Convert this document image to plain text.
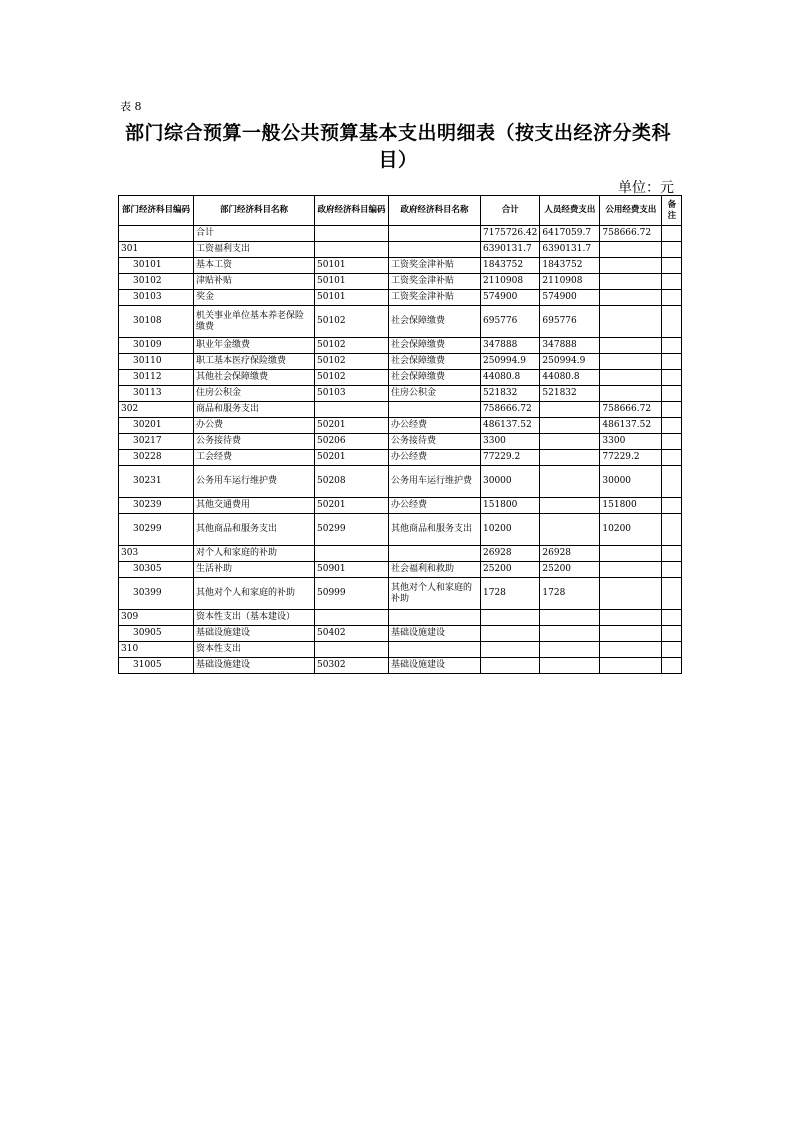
表 8
部门综合预算一般公共预算基本支出明细表（按支出经济分类科目）
单位：元
部门经济科目编码	部门经济科目名称	政府经济科目编码	政府经济科目名称	合计	人员经费支出	公用经费支出	备注
	合计			7175726.42	6417059.7	758666.72	
301	工资福利支出			6390131.7	6390131.7		
30101	基本工资	50101	工资奖金津补贴	1843752	1843752		
30102	津贴补贴	50101	工资奖金津补贴	2110908	2110908		
30103	奖金	50101	工资奖金津补贴	574900	574900		
30108	机关事业单位基本养老保险缴费	50102	社会保障缴费	695776	695776		
30109	职业年金缴费	50102	社会保障缴费	347888	347888		
30110	职工基本医疗保险缴费	50102	社会保障缴费	250994.9	250994.9		
30112	其他社会保障缴费	50102	社会保障缴费	44080.8	44080.8		
30113	住房公积金	50103	住房公积金	521832	521832		
302	商品和服务支出			758666.72		758666.72	
30201	办公费	50201	办公经费	486137.52		486137.52	
30217	公务接待费	50206	公务接待费	3300		3300	
30228	工会经费	50201	办公经费	77229.2		77229.2	
30231	公务用车运行维护费	50208	公务用车运行维护费	30000		30000	
30239	其他交通费用	50201	办公经费	151800		151800	
30299	其他商品和服务支出	50299	其他商品和服务支出	10200		10200	
303	对个人和家庭的补助			26928	26928		
30305	生活补助	50901	社会福利和救助	25200	25200		
30399	其他对个人和家庭的补助	50999	其他对个人和家庭的补助	1728	1728		
309	资本性支出（基本建设）						
30905	基础设施建设	50402	基础设施建设				
310	资本性支出						
31005	基础设施建设	50302	基础设施建设				
